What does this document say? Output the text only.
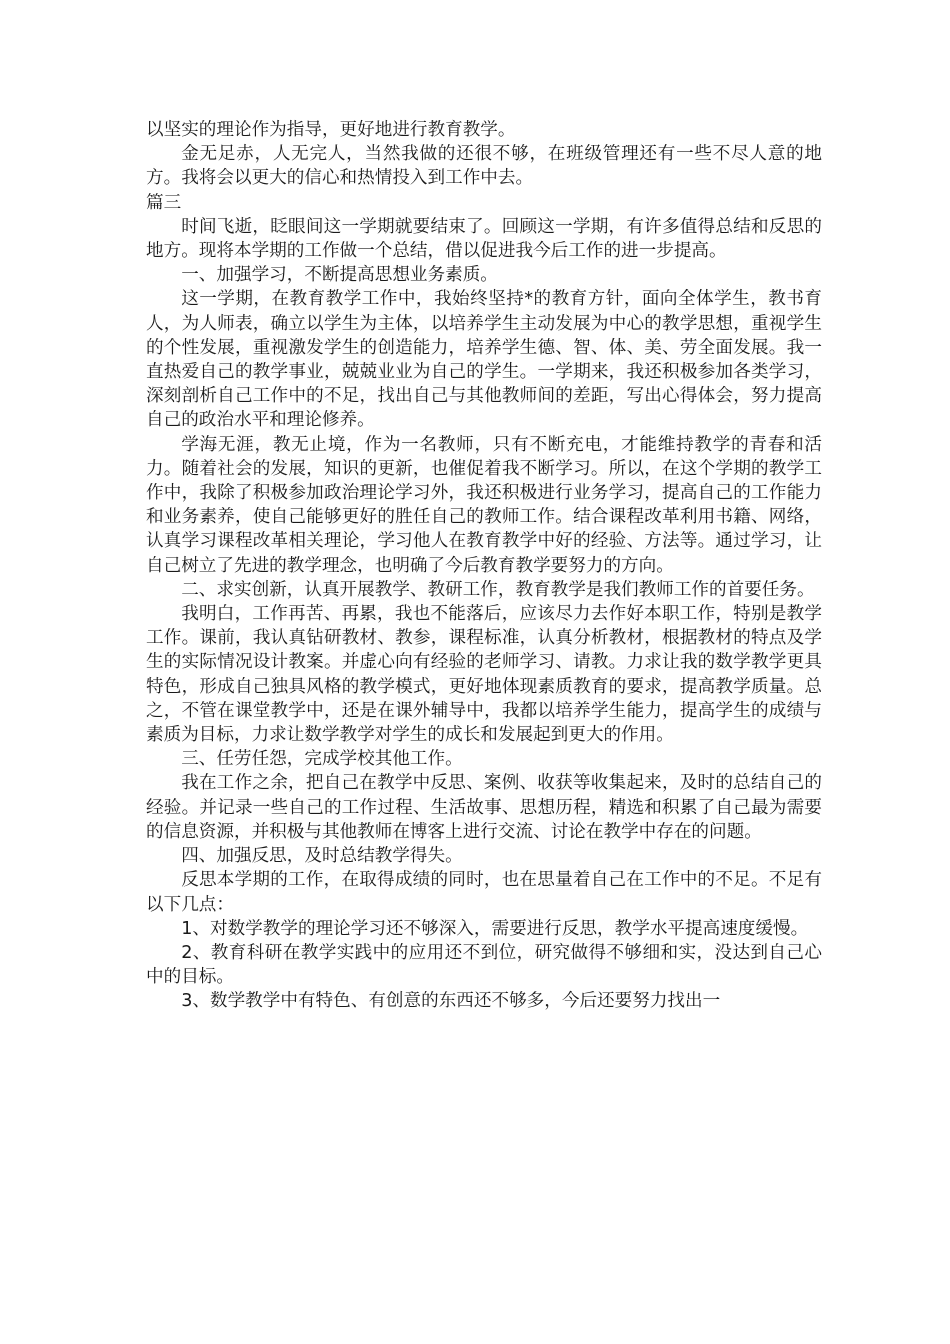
以坚实的理论作为指导，更好地进行教育教学。

金无足赤，人无完人，当然我做的还很不够，在班级管理还有一些不尽人意的地方。我将会以更大的信心和热情投入到工作中去。

篇三

时间飞逝，眨眼间这一学期就要结束了。回顾这一学期，有许多值得总结和反思的地方。现将本学期的工作做一个总结，借以促进我今后工作的进一步提高。

一、加强学习，不断提高思想业务素质。

这一学期，在教育教学工作中，我始终坚持*的教育方针，面向全体学生，教书育人，为人师表，确立以学生为主体，以培养学生主动发展为中心的教学思想，重视学生的个性发展，重视激发学生的创造能力，培养学生德、智、体、美、劳全面发展。我一直热爱自己的教学事业，兢兢业业为自己的学生。一学期来，我还积极参加各类学习，深刻剖析自己工作中的不足，找出自己与其他教师间的差距，写出心得体会，努力提高自己的政治水平和理论修养。

学海无涯，教无止境，作为一名教师，只有不断充电，才能维持教学的青春和活力。随着社会的发展，知识的更新，也催促着我不断学习。所以，在这个学期的教学工作中，我除了积极参加政治理论学习外，我还积极进行业务学习，提高自己的工作能力和业务素养，使自己能够更好的胜任自己的教师工作。结合课程改革利用书籍、网络，认真学习课程改革相关理论，学习他人在教育教学中好的经验、方法等。通过学习，让自己树立了先进的教学理念，也明确了今后教育教学要努力的方向。

二、求实创新，认真开展教学、教研工作，教育教学是我们教师工作的首要任务。

我明白，工作再苦、再累，我也不能落后，应该尽力去作好本职工作，特别是教学工作。课前，我认真钻研教材、教参，课程标准，认真分析教材，根据教材的特点及学生的实际情况设计教案。并虚心向有经验的老师学习、请教。力求让我的数学教学更具特色，形成自己独具风格的教学模式，更好地体现素质教育的要求，提高教学质量。总之，不管在课堂教学中，还是在课外辅导中，我都以培养学生能力，提高学生的成绩与素质为目标，力求让数学教学对学生的成长和发展起到更大的作用。

三、任劳任怨，完成学校其他工作。

我在工作之余，把自己在教学中反思、案例、收获等收集起来，及时的总结自己的经验。并记录一些自己的工作过程、生活故事、思想历程，精选和积累了自己最为需要的信息资源，并积极与其他教师在博客上进行交流、讨论在教学中存在的问题。

四、加强反思，及时总结教学得失。

反思本学期的工作，在取得成绩的同时，也在思量着自己在工作中的不足。不足有以下几点：

1、对数学教学的理论学习还不够深入，需要进行反思，教学水平提高速度缓慢。

2、教育科研在教学实践中的应用还不到位，研究做得不够细和实，没达到自己心中的目标。

3、数学教学中有特色、有创意的东西还不够多，今后还要努力找出一
